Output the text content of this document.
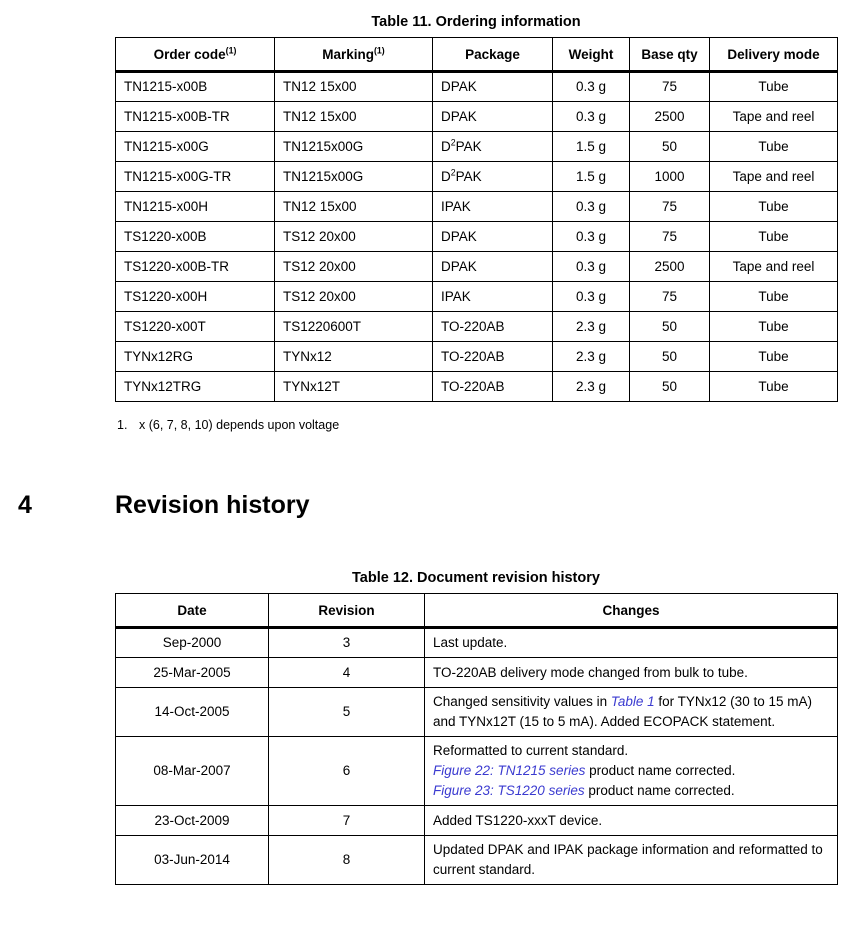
Table 11. Ordering information
Order code$^{(1)}$	Marking$^{(1)}$	Package	Weight	Base qty	Delivery mode
TN1215-x00B	TN12 15x00	DPAK	0.3 g	75	Tube
TN1215-x00B-TR	TN12 15x00	DPAK	0.3 g	2500	Tape and reel
TN1215-x00G	TN1215x00G	$D^2PAK$	1.5 g	50	Tube
TN1215-x00G-TR	TN1215x00G	$D^2PAK$	1.5 g	1000	Tape and reel
TN1215-x00H	TN12 15x00	IPAK	0.3 g	75	Tube
TS1220-x00B	TS12 20x00	DPAK	0.3 g	75	Tube
TS1220-x00B-TR	TS12 20x00	DPAK	0.3 g	2500	Tape and reel
TS1220-x00H	TS12 20x00	IPAK	0.3 g	75	Tube
TS1220-x00T	TS1220600T	TO-220AB	2.3 g	50	Tube
TYNx12RG	TYNx12	TO-220AB	2.3 g	50	Tube
TYNx12TRG	TYNx12T	TO-220AB	2.3 g	50	Tube
1. x (6, 7, 8, 10) depends upon voltage
4	Revision history
Table 12. Document revision history
Date	Revision	Changes
Sep-2000	3	Last update.

25-Mar-2005	4	TO-220AB delivery mode changed from bulk to tube.

14-Oct-2005	5	Changed sensitivity values in Table 1 for TYNx12 (30 to 15 mA) and TYNx12T (15 to 5 mA). Added ECOPACK statement.

08-Mar-2007	6	Reformatted to current standard.
Figure 22: TN1215 series product name corrected.
Figure 23: TS1220 series product name corrected.

23-Oct-2009	7	Added TS1220-xxxT device.

03-Jun-2014	8	Updated DPAK and IPAK package information and reformatted to current standard.
